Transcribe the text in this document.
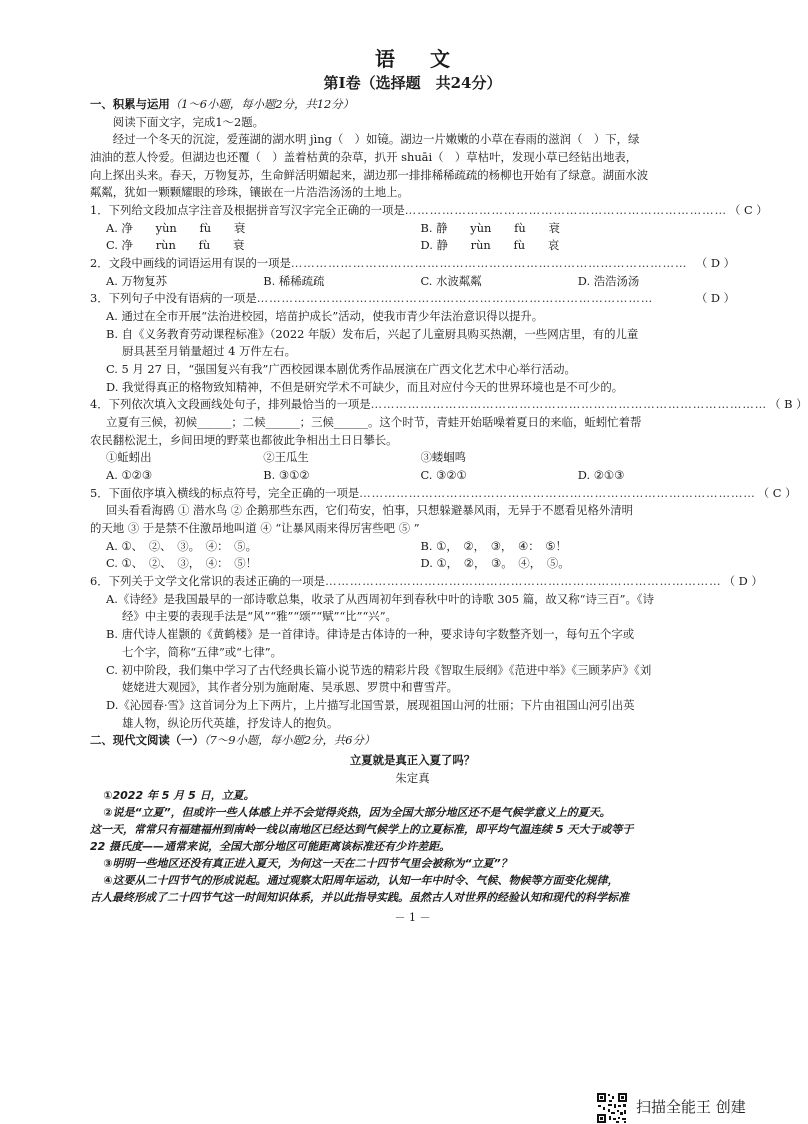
语 文
第Ⅰ卷（选择题　共24分）

一、积累与运用（1～6小题，每小题2分，共12分）

阅读下面文字，完成1～2题。

经过一个冬天的沉淀，爱莲湖的湖水明 jìng（　）如镜。湖边一片嫩嫩的小草在春雨的滋润（　）下，绿

油油的惹人怜爱。但湖边也还覆（　）盖着枯黄的杂草，扒开 shuāi（　）草枯叶，发现小草已经钻出地表，

向上探出头来。春天，万物复苏，生命鲜活明媚起来，湖边那一排排稀稀疏疏的杨柳也开始有了绿意。湖面水波

粼粼，犹如一颗颗耀眼的珍珠，镶嵌在一片浩浩汤汤的土地上。

1．下列给文段加点字注音及根据拼音写汉字完全正确的一项是 …………………………………………………………………… （ C ）
A. 净　　yùn　　fù　　衰	B. 静　　yùn　　fù　　衰
C. 净　　rùn　　fù　　衰	D. 静　　rùn　　fù　　哀
2．文段中画线的词语运用有误的一项是 …………………………………………………………………………………… （ D ）
A. 万物复苏	B. 稀稀疏疏	C. 水波粼粼	D. 浩浩汤汤
3．下列句子中没有语病的一项是 ……………………………………………………………………………………	（ D ）

A. 通过在全市开展“法治进校园，培苗护成长”活动，使我市青少年法治意识得以提升。

B. 自《义务教育劳动课程标准》（2022 年版）发布后，兴起了儿童厨具购买热潮，一些网店里，有的儿童

厨具甚至月销量超过 4 万件左右。

C. 5 月 27 日，“强国复兴有我”广西校园课本剧优秀作品展演在广西文化艺术中心举行活动。

D. 我觉得真正的格物致知精神，不但是研究学术不可缺少，而且对应付今天的世界环境也是不可少的。

4．下列依次填入文段画线处句子，排列最恰当的一项是 …………………………………………………………………………………… （ B ）

立夏有三候，初候______；二候______；三候______。这个时节，青蛙开始聒噪着夏日的来临，蚯蚓忙着帮

农民翻松泥土，乡间田埂的野菜也都彼此争相出土日日攀长。

①蚯蚓出	②王瓜生	③蝼蝈鸣
A. ①②③	B. ③①②	C. ③②①	D. ②①③
5．下面依序填入横线的标点符号，完全正确的一项是 …………………………………………………………………………………… （ C ）

回头看看海鸥 ① 潜水鸟 ② 企鹅那些东西，它们苟安，怕事，只想躲避暴风雨，无异于不愿看见格外清明

的天地 ③ 于是禁不住激昂地叫道 ④ “让暴风雨来得厉害些吧 ⑤ ”

A. ①、　②、　③。　④：　⑤。	B. ①，　②，　③，　④：　⑤！
C. ①、　②、　③，　④：　⑤！	D. ①，　②，　③。　④，　⑤。
6．下列关于文学文化常识的表述正确的一项是 …………………………………………………………………………………… （ D ）

A.《诗经》是我国最早的一部诗歌总集，收录了从西周初年到春秋中叶的诗歌 305 篇，故又称“诗三百”。《诗

经》中主要的表现手法是“风”“雅”“颂”“赋”“比”“兴”。

B. 唐代诗人崔颢的《黄鹤楼》是一首律诗。律诗是古体诗的一种，要求诗句字数整齐划一，每句五个字或

七个字，简称“五律”或“七律”。

C. 初中阶段，我们集中学习了古代经典长篇小说节选的精彩片段《智取生辰纲》《范进中举》《三顾茅庐》《刘

姥姥进大观园》，其作者分别为施耐庵、吴承恩、罗贯中和曹雪芹。

D.《沁园春·雪》这首词分为上下两片，上片描写北国雪景，展现祖国山河的壮丽；下片由祖国山河引出英

雄人物，纵论历代英雄，抒发诗人的抱负。

二、现代文阅读（一）（7～9小题，每小题2分，共6分）

立夏就是真正入夏了吗？

朱定真

①2022 年 5 月 5 日，立夏。

②说是“立夏”，但或许一些人体感上并不会觉得炎热，因为全国大部分地区还不是气候学意义上的夏天。

这一天，常常只有福建福州到南岭一线以南地区已经达到气候学上的立夏标准，即平均气温连续 5 天大于或等于

22 摄氏度——通常来说，全国大部分地区可能距离该标准还有少许差距。

③明明一些地区还没有真正进入夏天，为何这一天在二十四节气里会被称为“立夏”？

④这要从二十四节气的形成说起。通过观察太阳周年运动，认知一年中时令、气候、物候等方面变化规律，

古人最终形成了二十四节气这一时间知识体系，并以此指导实践。虽然古人对世界的经验认知和现代的科学标准

－ 1 －
扫描全能王 创建
